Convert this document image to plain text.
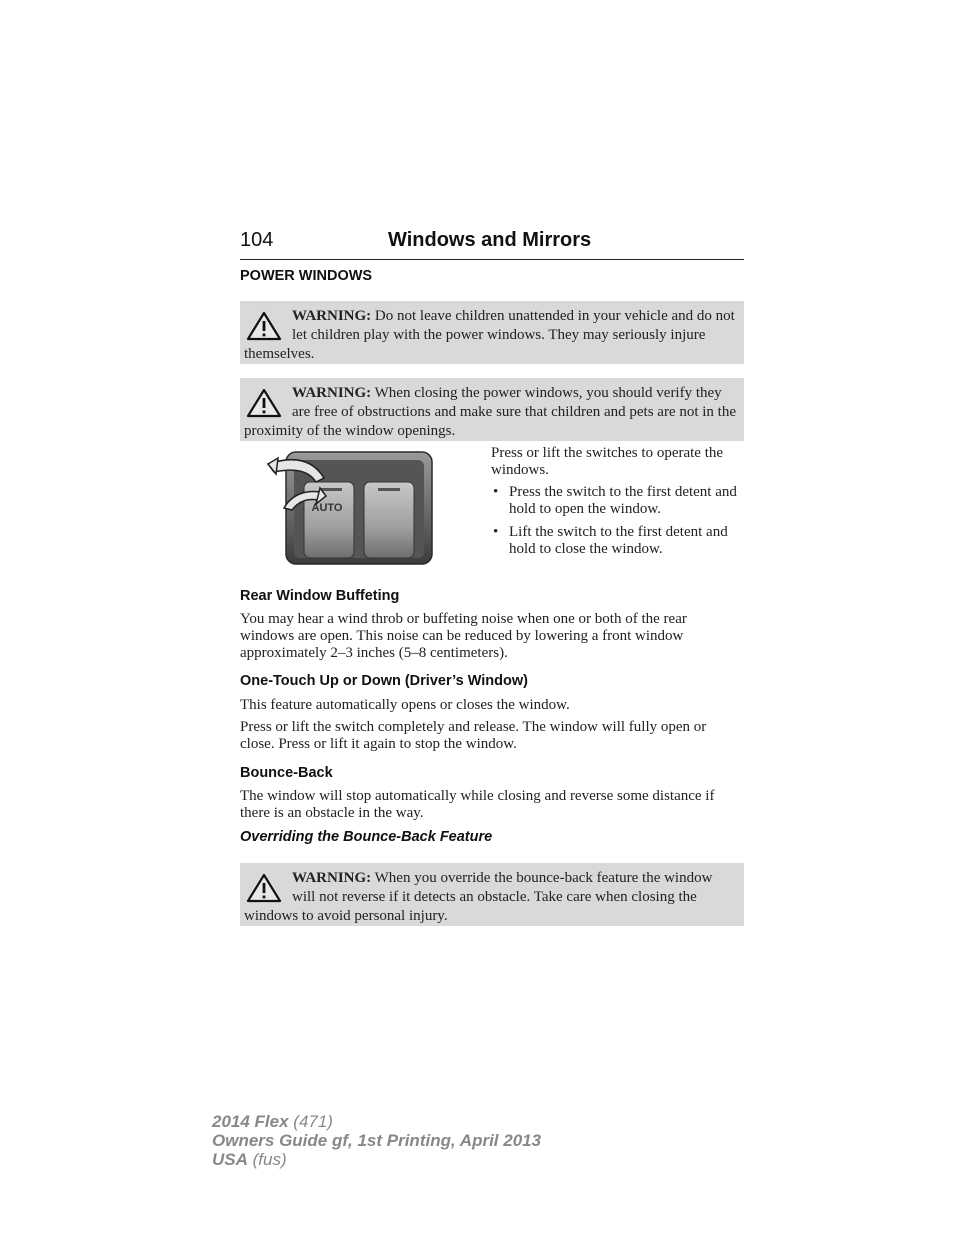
104	Windows and Mirrors
POWER WINDOWS
WARNING: Do not leave children unattended in your vehicle and do not let children play with the power windows. They may seriously injure themselves.
WARNING: When closing the power windows, you should verify they are free of obstructions and make sure that children and pets are not in the proximity of the window openings.
AUTO
Press or lift the switches to operate the windows.
• Press the switch to the first detent and hold to open the window.
• Lift the switch to the first detent and hold to close the window.
Rear Window Buffeting
You may hear a wind throb or buffeting noise when one or both of the rear windows are open. This noise can be reduced by lowering a front window approximately 2–3 inches (5–8 centimeters).
One-Touch Up or Down (Driver’s Window)
This feature automatically opens or closes the window.
Press or lift the switch completely and release. The window will fully open or close. Press or lift it again to stop the window.
Bounce-Back
The window will stop automatically while closing and reverse some distance if there is an obstacle in the way.
Overriding the Bounce-Back Feature
WARNING: When you override the bounce-back feature the window will not reverse if it detects an obstacle. Take care when closing the windows to avoid personal injury.
2014 Flex (471)
Owners Guide gf, 1st Printing, April 2013
USA (fus)
